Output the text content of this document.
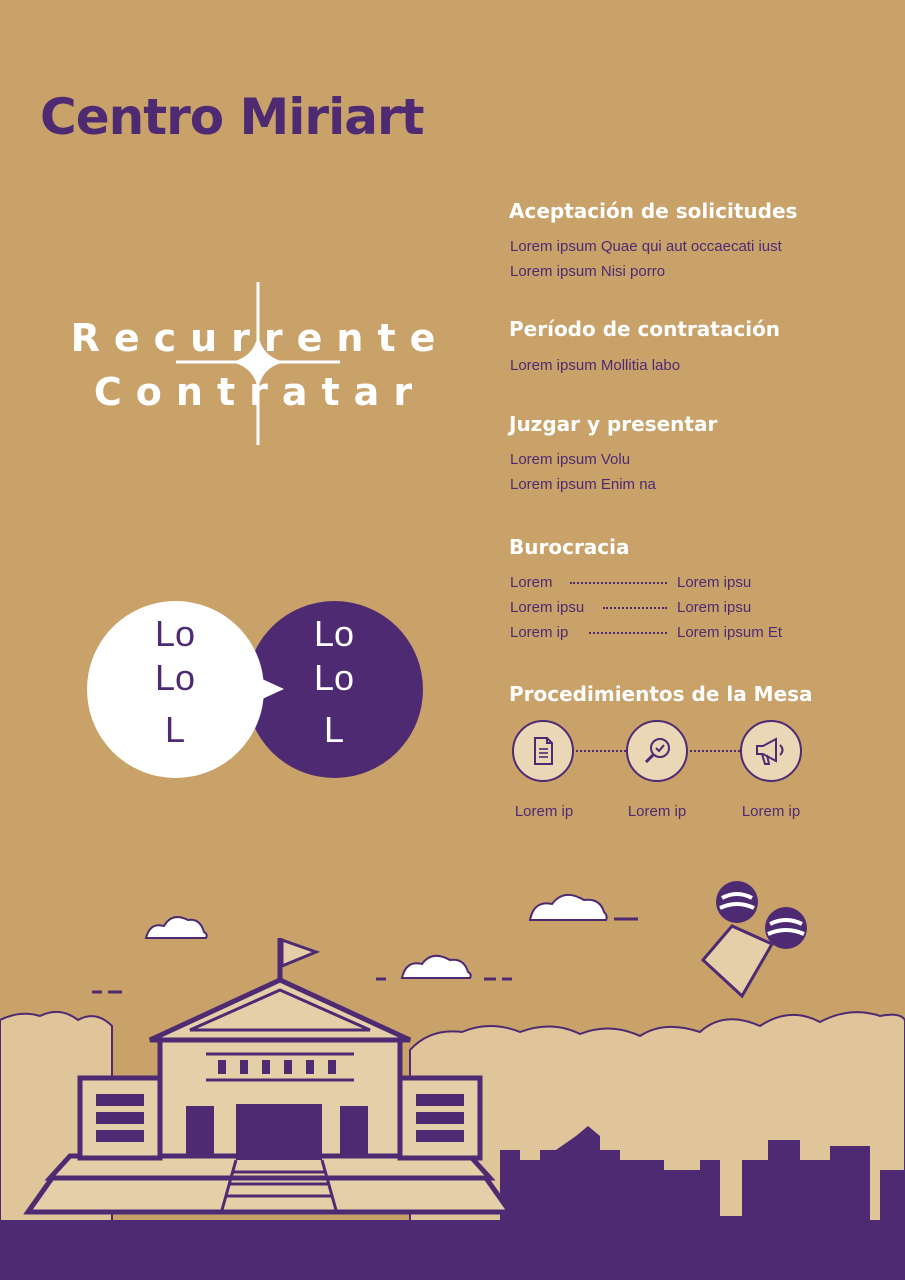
Centro Miriart
Recurrente
Contratar
Lo
Lo
L
Lo
Lo
L
Aceptación de solicitudes
Lorem ipsum Quae qui aut occaecati iust
Lorem ipsum Nisi porro
Período de contratación
Lorem ipsum Mollitia labo
Juzgar y presentar
Lorem ipsum Volu
Lorem ipsum Enim na
Burocracia
Lorem	Lorem ipsu
Lorem ipsu	Lorem ipsu
Lorem ip	Lorem ipsum Et
Procedimientos de la Mesa
Lorem ip	Lorem ip	Lorem ip
